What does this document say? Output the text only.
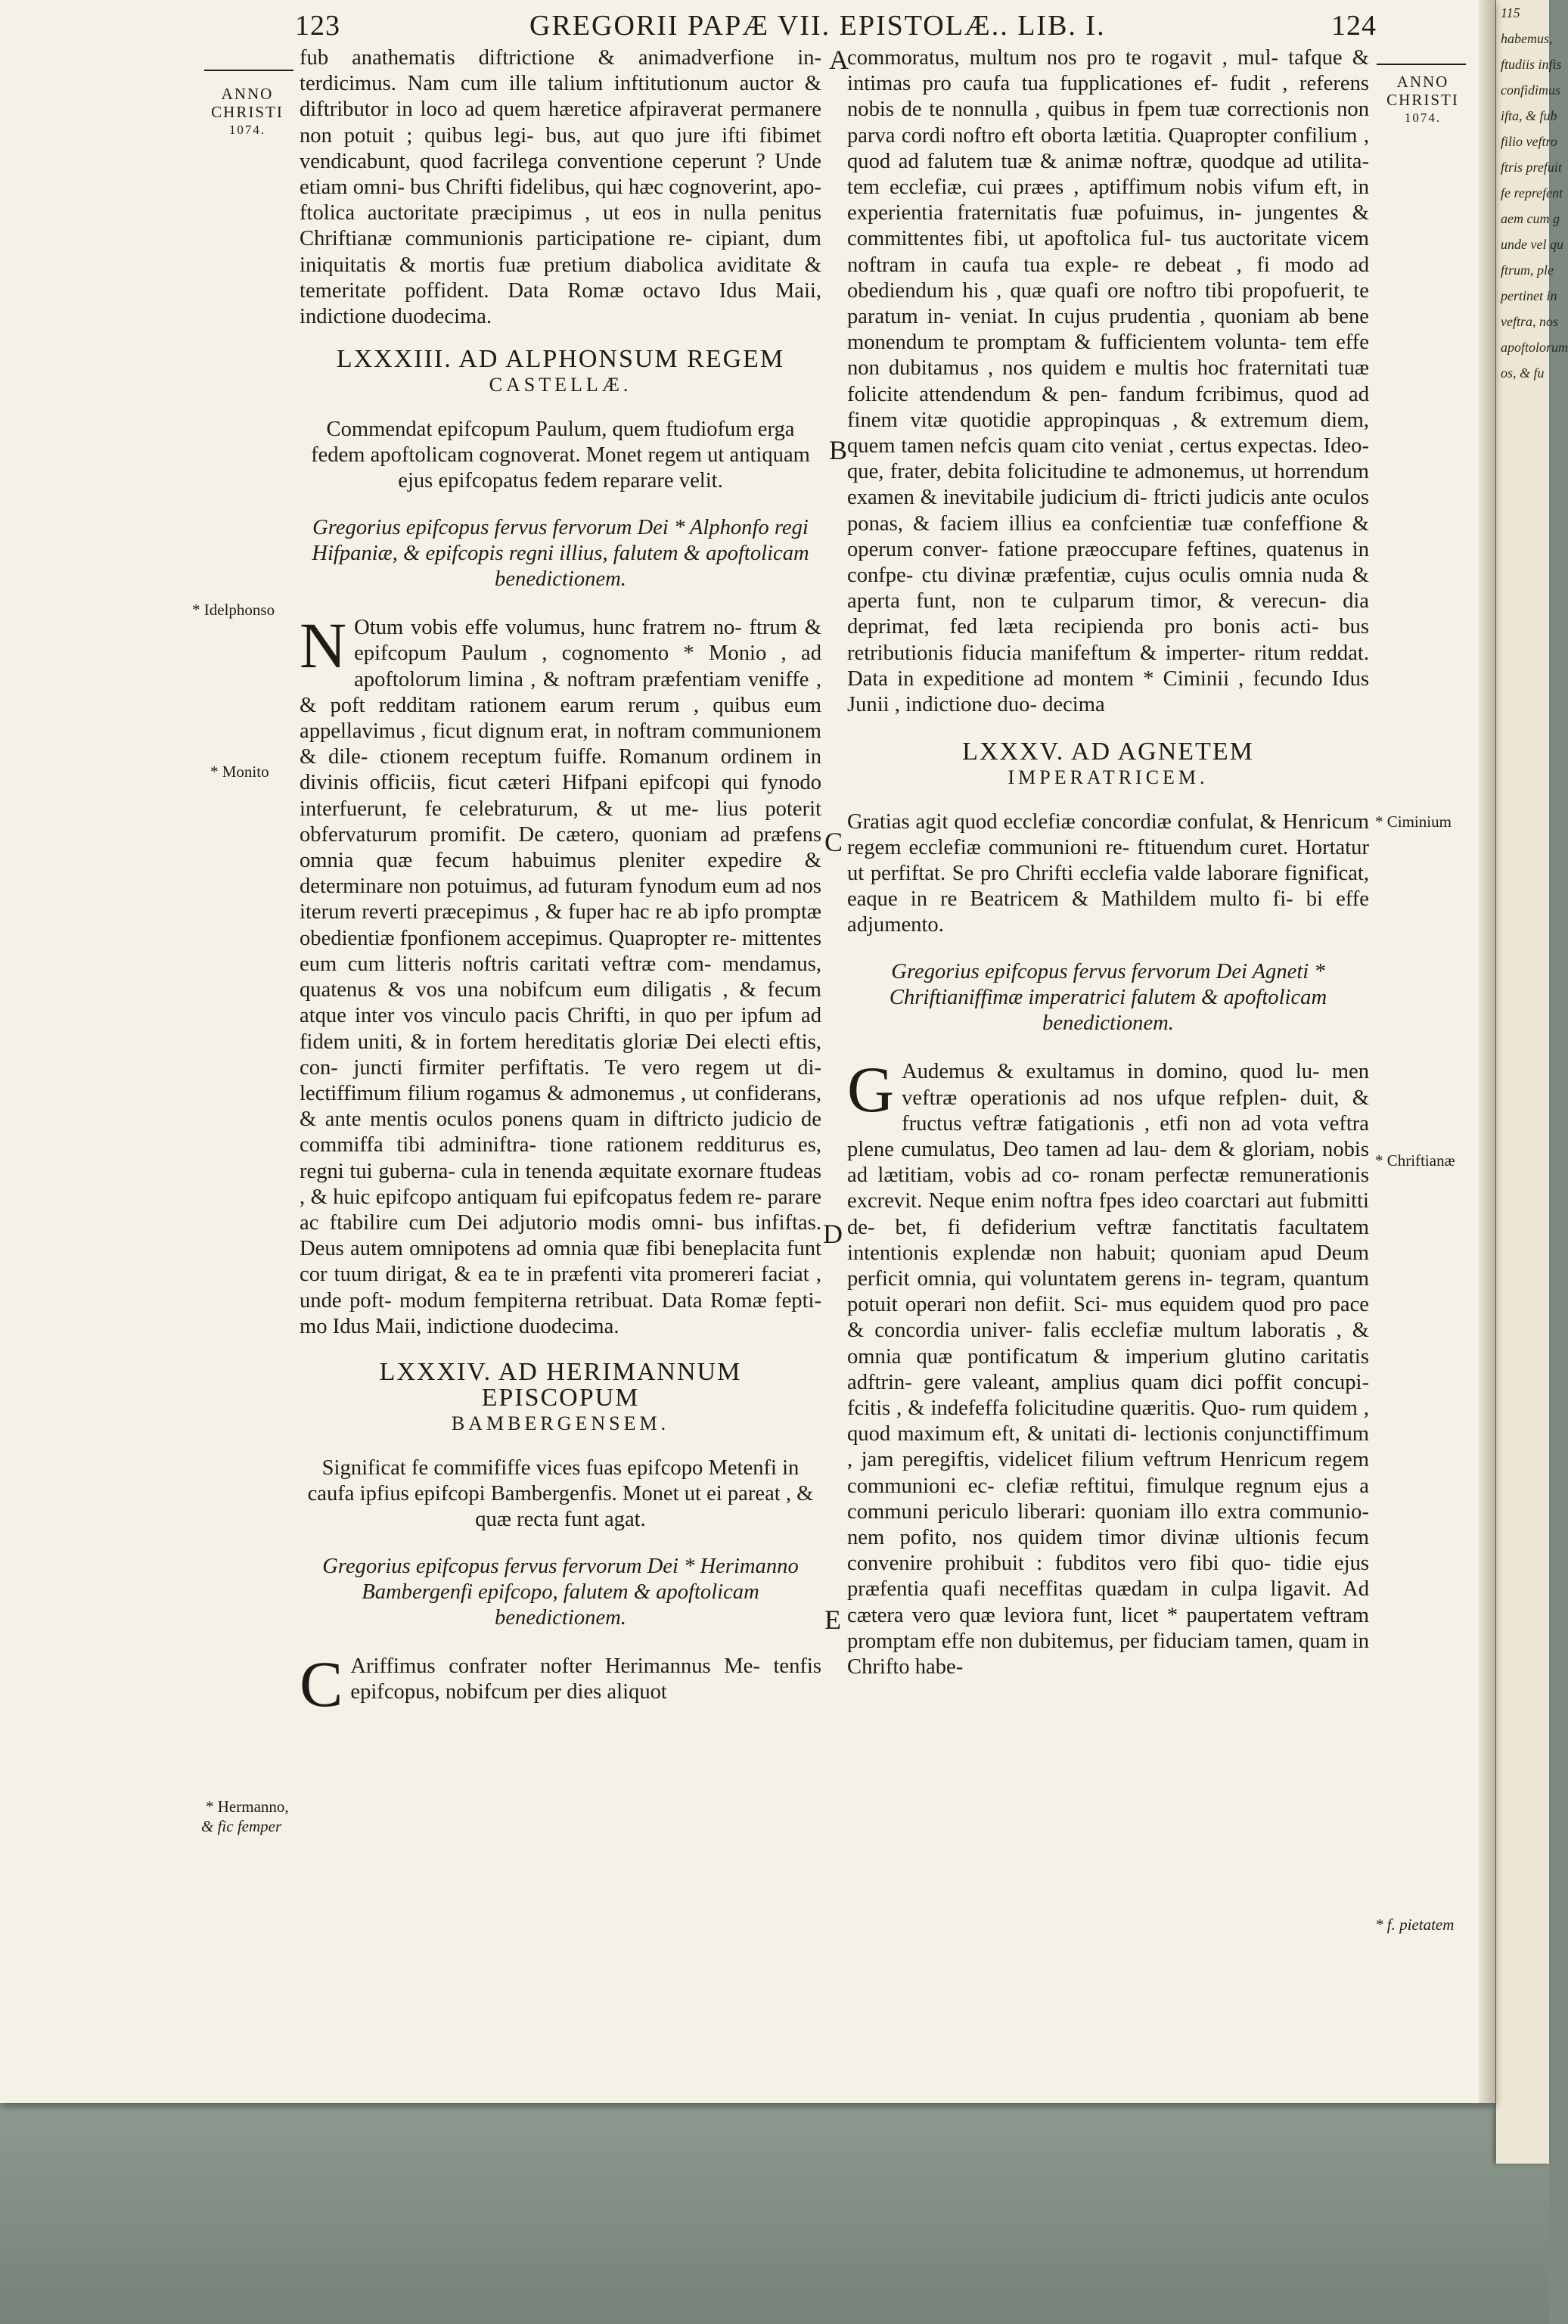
115
habemus,
ftudiis infis
confidimus
ifta, & fub
filio veftro
ftris prefuit
fe reprefent
aem cum g
unde vel qu
ftrum, ple
pertinet in
veftra, nos
apoftolorum
os, & fu
123	GREGORII PAPÆ VII. EPISTOLÆ.. LIB. I.	124
ANNO
CHRISTI
1074.
ANNO
CHRISTI
1074.
* Idelphonso
* Monito
* Hermanno,
& fic femper
* Ciminium
* Chriftianæ
* f. pietatem
A
B
C
D
E

fub anathematis diftrictione & animadverfione in- terdicimus. Nam cum ille talium inftitutionum auctor & diftributor in loco ad quem hæretice afpiraverat permanere non potuit ; quibus legi- bus, aut quo jure ifti fibimet vendicabunt, quod facrilega conventione ceperunt ? Unde etiam omni- bus Chrifti fidelibus, qui hæc cognoverint, apo- ftolica auctoritate præcipimus , ut eos in nulla penitus Chriftianæ communionis participatione re- cipiant, dum iniquitatis & mortis fuæ pretium diabolica aviditate & temeritate poffident. Data Romæ octavo Idus Maii, indictione duodecima.

LXXXIII. AD ALPHONSUM REGEM
CASTELLÆ.
Commendat epifcopum Paulum, quem ftudiofum erga fedem apoftolicam cognoverat. Monet regem ut antiquam ejus epifcopatus fedem reparare velit.
Gregorius epifcopus fervus fervorum Dei * Alphonfo regi Hifpaniæ, & epifcopis regni illius, falutem & apoftolicam benedictionem.

N Otum vobis effe volumus, hunc fratrem no- ftrum & epifcopum Paulum , cognomento * Monio , ad apoftolorum limina , & noftram præfentiam veniffe , & poft redditam rationem earum rerum , quibus eum appellavimus , ficut dignum erat, in noftram communionem & dile- ctionem receptum fuiffe. Romanum ordinem in divinis officiis, ficut cæteri Hifpani epifcopi qui fynodo interfuerunt, fe celebraturum, & ut me- lius poterit obfervaturum promifit. De cætero, quoniam ad præfens omnia quæ fecum habuimus pleniter expedire & determinare non potuimus, ad futuram fynodum eum ad nos iterum reverti præcepimus , & fuper hac re ab ipfo promptæ obedientiæ fponfionem accepimus. Quapropter re- mittentes eum cum litteris noftris caritati veftræ com- mendamus, quatenus & vos una nobifcum eum diligatis , & fecum atque inter vos vinculo pacis Chrifti, in quo per ipfum ad fidem uniti, & in fortem hereditatis gloriæ Dei electi eftis, con- juncti firmiter perfiftatis. Te vero regem ut di- lectiffimum filium rogamus & admonemus , ut confiderans, & ante mentis oculos ponens quam in diftricto judicio de commiffa tibi adminiftra- tione rationem redditurus es, regni tui guberna- cula in tenenda æquitate exornare ftudeas , & huic epifcopo antiquam fui epifcopatus fedem re- parare ac ftabilire cum Dei adjutorio modis omni- bus infiftas. Deus autem omnipotens ad omnia quæ fibi beneplacita funt cor tuum dirigat, & ea te in præfenti vita promereri faciat , unde poft- modum fempiterna retribuat. Data Romæ fepti- mo Idus Maii, indictione duodecima.

LXXXIV. AD HERIMANNUM EPISCOPUM
BAMBERGENSEM.
Significat fe commififfe vices fuas epifcopo Metenfi in caufa ipfius epifcopi Bambergenfis. Monet ut ei pareat , & quæ recta funt agat.
Gregorius epifcopus fervus fervorum Dei * Herimanno Bambergenfi epifcopo, falutem & apoftolicam benedictionem.

C Ariffimus confrater nofter Herimannus Me- tenfis epifcopus, nobifcum per dies aliquot

commoratus, multum nos pro te rogavit , mul- tafque & intimas pro caufa tua fupplicationes ef- fudit , referens nobis de te nonnulla , quibus in fpem tuæ correctionis non parva cordi noftro eft oborta lætitia. Quapropter confilium , quod ad falutem tuæ & animæ noftræ, quodque ad utilita- tem ecclefiæ, cui præes , aptiffimum nobis vifum eft, in experientia fraternitatis fuæ pofuimus, in- jungentes & committentes fibi, ut apoftolica ful- tus auctoritate vicem noftram in caufa tua exple- re debeat , fi modo ad obediendum his , quæ quafi ore noftro tibi propofuerit, te paratum in- veniat. In cujus prudentia , quoniam ab bene monendum te promptam & fufficientem volunta- tem effe non dubitamus , nos quidem e multis hoc fraternitati tuæ folicite attendendum & pen- fandum fcribimus, quod ad finem vitæ quotidie appropinquas , & extremum diem, quem tamen nefcis quam cito veniat , certus expectas. Ideo- que, frater, debita folicitudine te admonemus, ut horrendum examen & inevitabile judicium di- ftricti judicis ante oculos ponas, & faciem illius ea confcientiæ tuæ confeffione & operum conver- fatione præoccupare feftines, quatenus in confpe- ctu divinæ præfentiæ, cujus oculis omnia nuda & aperta funt, non te culparum timor, & verecun- dia deprimat, fed læta recipienda pro bonis acti- bus retributionis fiducia manifeftum & imperter- ritum reddat. Data in expeditione ad montem * Ciminii , fecundo Idus Junii , indictione duo- decima

LXXXV. AD AGNETEM
IMPERATRICEM.
Gratias agit quod ecclefiæ concordiæ confulat, & Henricum regem ecclefiæ communioni re- ftituendum curet. Hortatur ut perfiftat. Se pro Chrifti ecclefia valde laborare fignificat, eaque in re Beatricem & Mathildem multo fi- bi effe adjumento.
Gregorius epifcopus fervus fervorum Dei Agneti * Chriftianiffimæ imperatrici falutem & apoftolicam benedictionem.

G Audemus & exultamus in domino, quod lu- men veftræ operationis ad nos ufque refplen- duit, & fructus veftræ fatigationis , etfi non ad vota veftra plene cumulatus, Deo tamen ad lau- dem & gloriam, nobis ad lætitiam, vobis ad co- ronam perfectæ remunerationis excrevit. Neque enim noftra fpes ideo coarctari aut fubmitti de- bet, fi defiderium veftræ fanctitatis facultatem intentionis explendæ non habuit; quoniam apud Deum perficit omnia, qui voluntatem gerens in- tegram, quantum potuit operari non defiit. Sci- mus equidem quod pro pace & concordia univer- falis ecclefiæ multum laboratis , & omnia quæ pontificatum & imperium glutino caritatis adftrin- gere valeant, amplius quam dici poffit concupi- fcitis , & indefeffa folicitudine quæritis. Quo- rum quidem , quod maximum eft, & unitati di- lectionis conjunctiffimum , jam peregiftis, videlicet filium veftrum Henricum regem communioni ec- clefiæ reftitui, fimulque regnum ejus a communi periculo liberari: quoniam illo extra communio- nem pofito, nos quidem timor divinæ ultionis fecum convenire prohibuit : fubditos vero fibi quo- tidie ejus præfentia quafi neceffitas quædam in culpa ligavit. Ad cætera vero quæ leviora funt, licet * paupertatem veftram promptam effe non dubitemus, per fiduciam tamen, quam in Chrifto habe-
